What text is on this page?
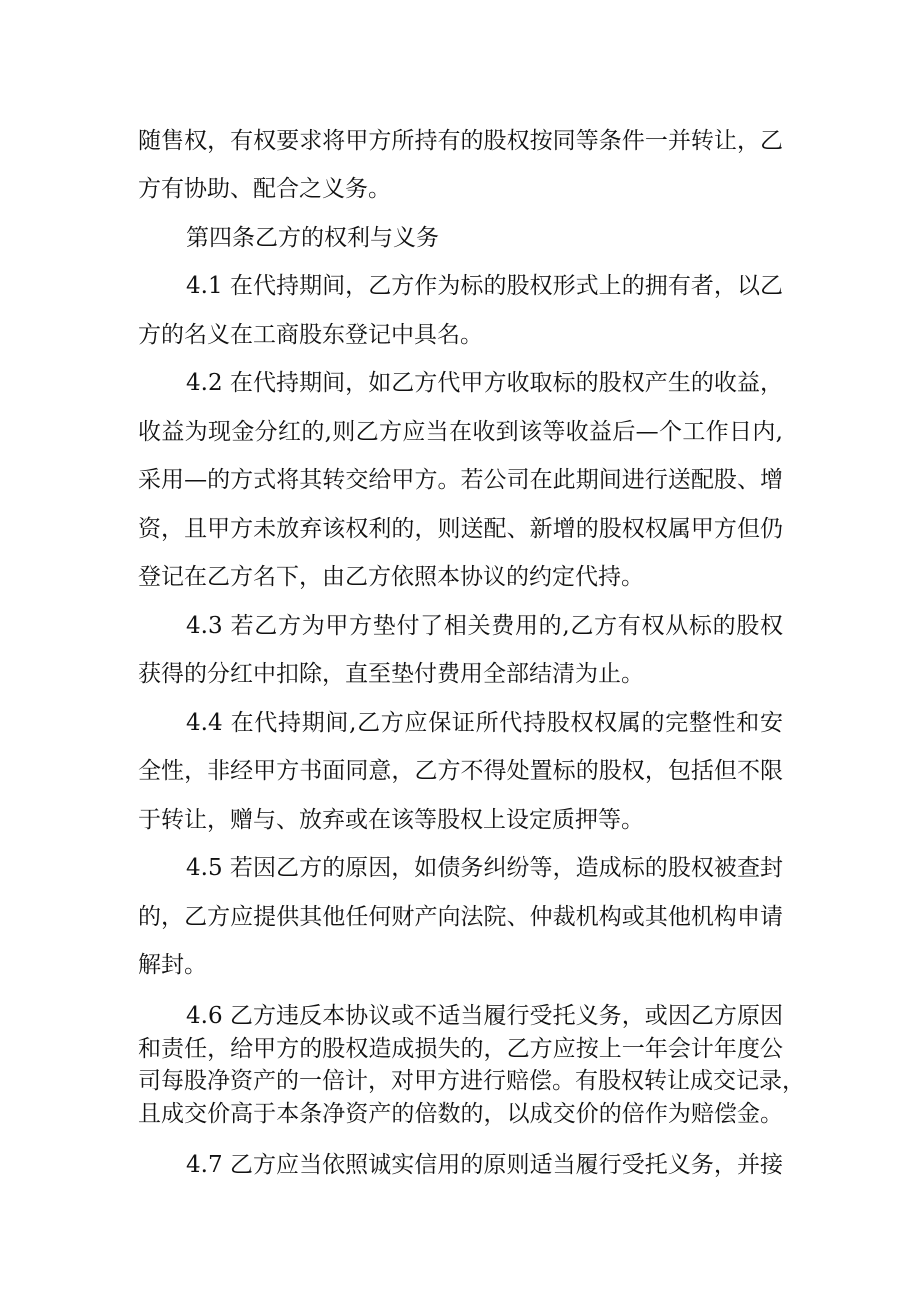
随售权，有权要求将甲方所持有的股权按同等条件一并转让，乙
方有协助、配合之义务。
第四条乙方的权利与义务
4.1 在代持期间，乙方作为标的股权形式上的拥有者，以乙
方的名义在工商股东登记中具名。
4.2 在代持期间，如乙方代甲方收取标的股权产生的收益，
收益为现金分红的,则乙方应当在收到该等收益后—个工作日内,
采用—的方式将其转交给甲方。若公司在此期间进行送配股、增
资，且甲方未放弃该权利的，则送配、新增的股权权属甲方但仍
登记在乙方名下，由乙方依照本协议的约定代持。
4.3 若乙方为甲方垫付了相关费用的,乙方有权从标的股权
获得的分红中扣除，直至垫付费用全部结清为止。
4.4 在代持期间,乙方应保证所代持股权权属的完整性和安
全性，非经甲方书面同意，乙方不得处置标的股权，包括但不限
于转让，赠与、放弃或在该等股权上设定质押等。
4.5 若因乙方的原因，如债务纠纷等，造成标的股权被查封
的，乙方应提供其他任何财产向法院、仲裁机构或其他机构申请
解封。
4.6 乙方违反本协议或不适当履行受托义务，或因乙方原因
和责任，给甲方的股权造成损失的，乙方应按上一年会计年度公
司每股净资产的一倍计，对甲方进行赔偿。有股权转让成交记录，
且成交价高于本条净资产的倍数的，以成交价的倍作为赔偿金。
4.7 乙方应当依照诚实信用的原则适当履行受托义务，并接
